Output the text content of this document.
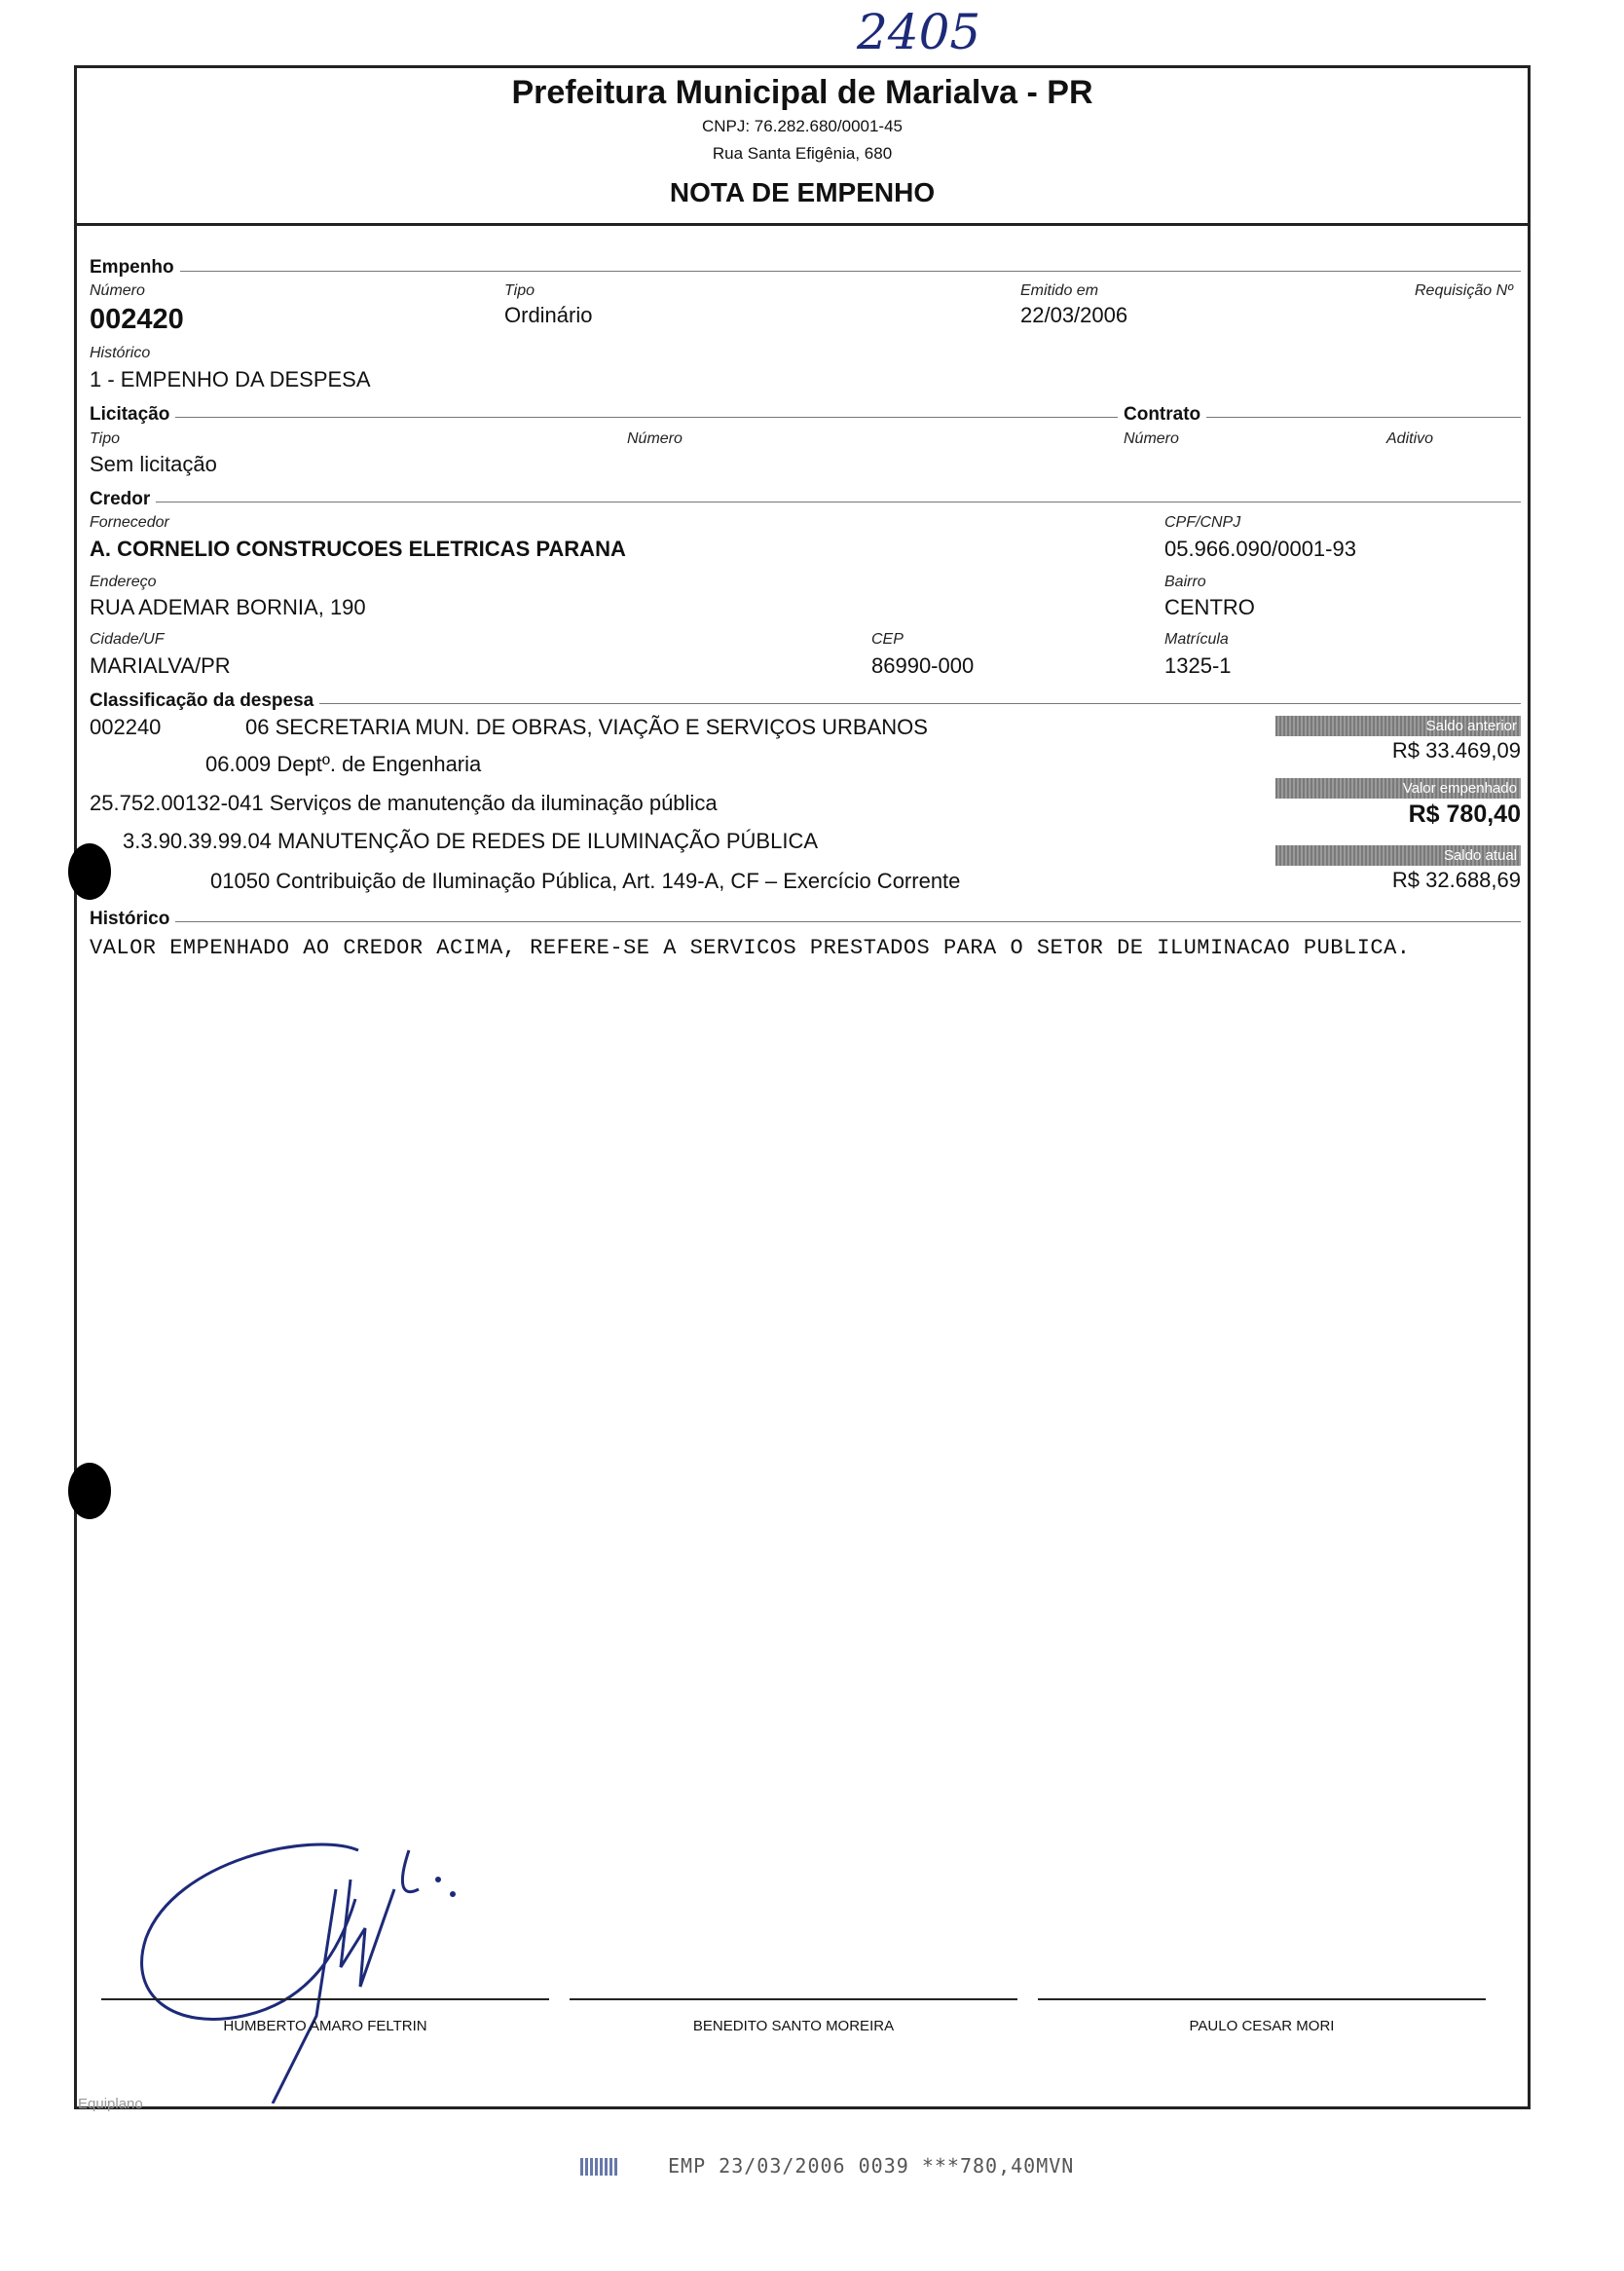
2405
Prefeitura Municipal de Marialva - PR
CNPJ: 76.282.680/0001-45
Rua Santa Efigênia, 680
NOTA DE EMPENHO
Empenho
Número
002420
Tipo
Ordinário
Emitido em
22/03/2006
Requisição Nº
Histórico
1 - EMPENHO DA DESPESA
Licitação	Contrato
Tipo
Sem licitação
Número	Número	Aditivo
Credor
Fornecedor
A. CORNELIO CONSTRUCOES ELETRICAS PARANA
CPF/CNPJ
05.966.090/0001-93
Endereço
RUA ADEMAR BORNIA, 190
Bairro
CENTRO
Cidade/UF
MARIALVA/PR
CEP
86990-000
Matrícula
1325-1
Classificação da despesa
002240	06 SECRETARIA MUN. DE OBRAS, VIAÇÃO E SERVIÇOS URBANOS
06.009 Deptº. de Engenharia
25.752.00132-041 Serviços de manutenção da iluminação pública
3.3.90.39.99.04 MANUTENÇÃO DE REDES DE ILUMINAÇÃO PÚBLICA
01050 Contribuição de Iluminação Pública, Art. 149-A, CF – Exercício Corrente
Saldo anterior
R$ 33.469,09
Valor empenhado
R$ 780,40
Saldo atual
R$ 32.688,69
Histórico
VALOR EMPENHADO AO CREDOR ACIMA, REFERE-SE A SERVICOS PRESTADOS PARA O SETOR DE ILUMINACAO PUBLICA.
HUMBERTO AMARO FELTRIN	BENEDITO SANTO MOREIRA	PAULO CESAR MORI
Equiplano
EMP 23/03/2006 0039 ***780,40MVN
